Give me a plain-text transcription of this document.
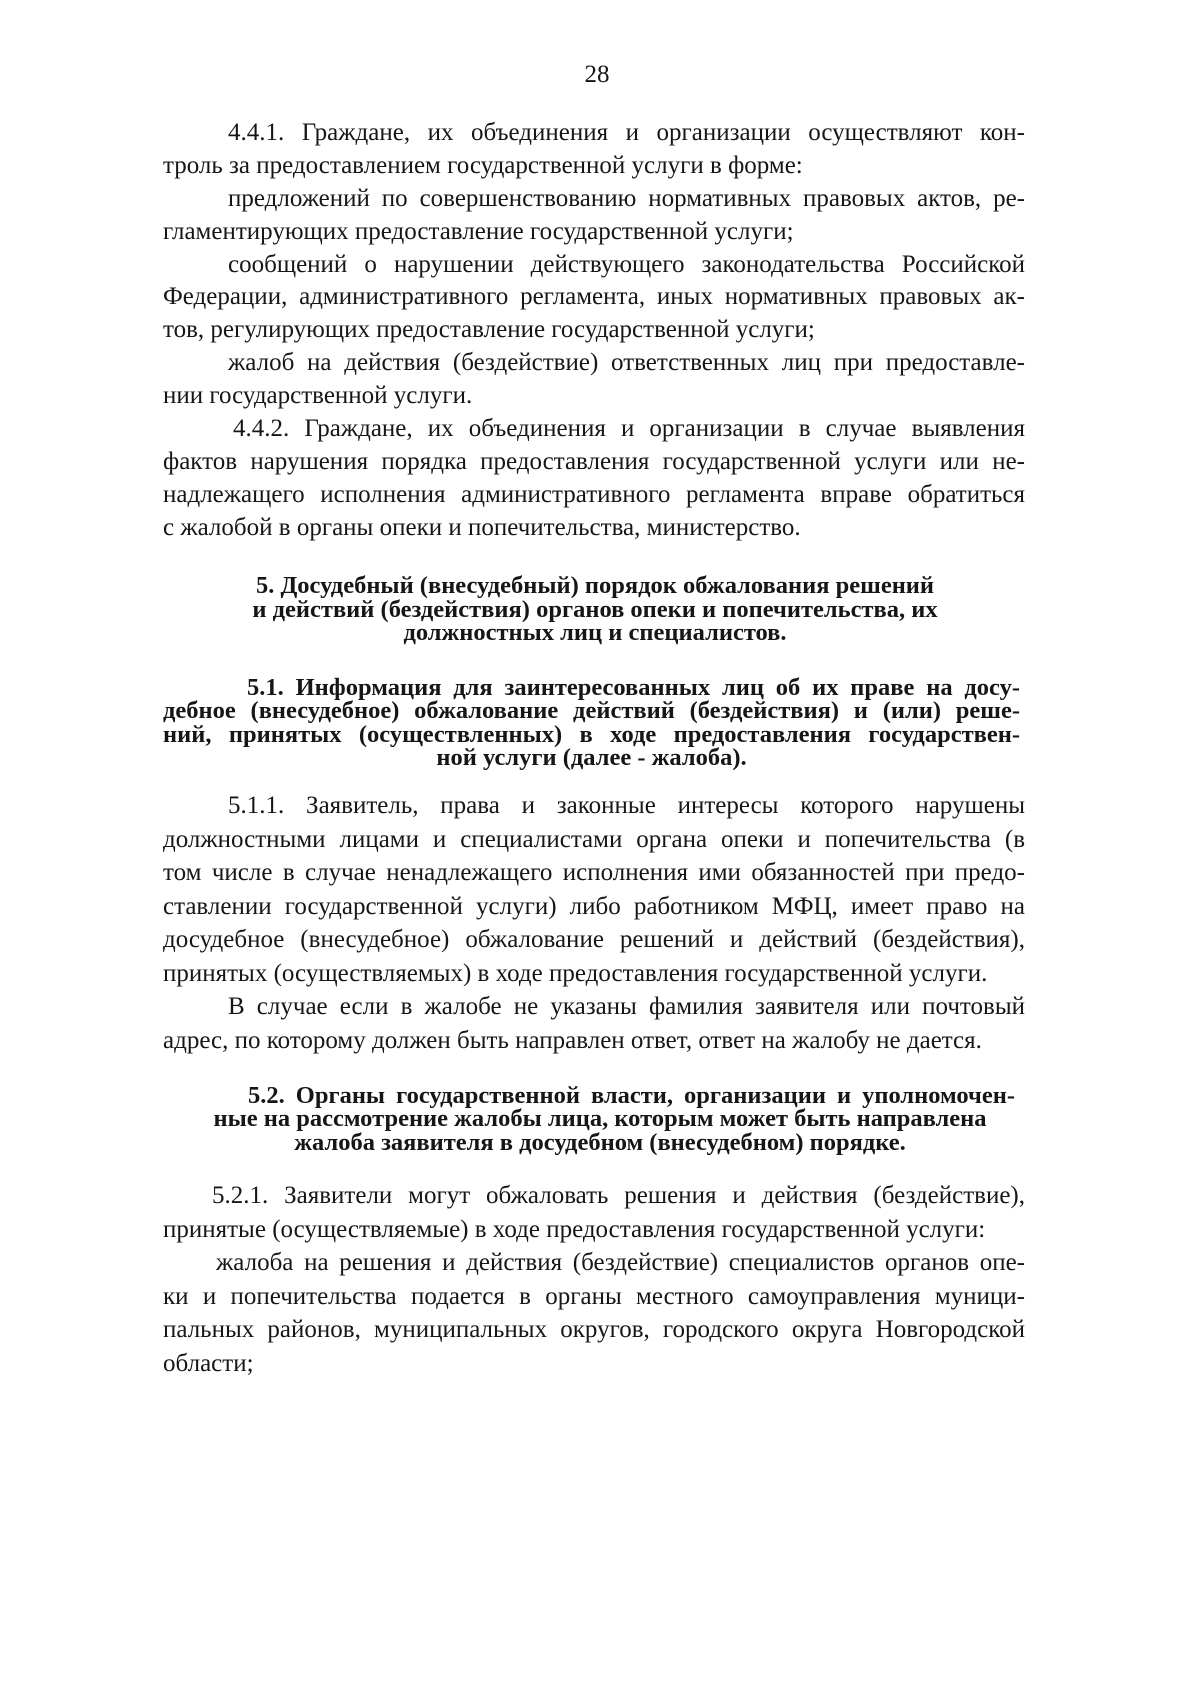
28
4.4.1. Граждане, их объединения и организации осуществляют кон-
троль за предоставлением государственной услуги в форме:
предложений по совершенствованию нормативных правовых актов, ре-
гламентирующих предоставление государственной услуги;
сообщений о нарушении действующего законодательства Российской
Федерации, административного регламента, иных нормативных правовых ак-
тов, регулирующих предоставление государственной услуги;
жалоб на действия (бездействие) ответственных лиц при предоставле-
нии государственной услуги.
4.4.2. Граждане, их объединения и организации в случае выявления
фактов нарушения порядка предоставления государственной услуги или не-
надлежащего исполнения административного регламента вправе обратиться
с жалобой в органы опеки и попечительства, министерство.
5. Досудебный (внесудебный) порядок обжалования решений
и действий (бездействия) органов опеки и попечительства, их
должностных лиц и специалистов.
5.1. Информация для заинтересованных лиц об их праве на досу-
дебное (внесудебное) обжалование действий (бездействия) и (или) реше-
ний, принятых (осуществленных) в ходе предоставления государствен-
ной услуги (далее - жалоба).
5.1.1. Заявитель, права и законные интересы которого нарушены
должностными лицами и специалистами органа опеки и попечительства (в
том числе в случае ненадлежащего исполнения ими обязанностей при предо-
ставлении государственной услуги) либо работником МФЦ, имеет право на
досудебное (внесудебное) обжалование решений и действий (бездействия),
принятых (осуществляемых) в ходе предоставления государственной услуги.
В случае если в жалобе не указаны фамилия заявителя или почтовый
адрес, по которому должен быть направлен ответ, ответ на жалобу не дается.
5.2. Органы государственной власти, организации и уполномочен-
ные на рассмотрение жалобы лица, которым может быть направлена
жалоба заявителя в досудебном (внесудебном) порядке.
5.2.1. Заявители могут обжаловать решения и действия (бездействие),
принятые (осуществляемые) в ходе предоставления государственной услуги:
жалоба на решения и действия (бездействие) специалистов органов опе-
ки и попечительства подается в органы местного самоуправления муници-
пальных районов, муниципальных округов, городского округа Новгородской
области;
